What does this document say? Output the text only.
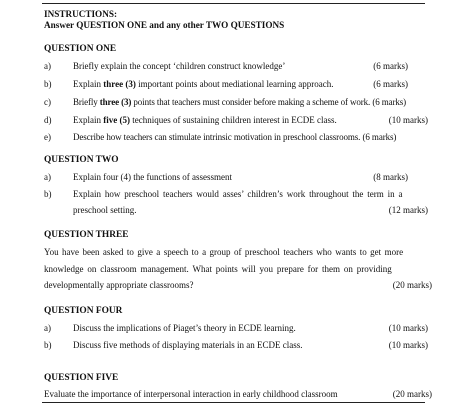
INSTRUCTIONS:
Answer QUESTION ONE and any other TWO QUESTIONS
QUESTION ONE
a) Briefly explain the concept ‘children construct knowledge’	(6 marks)
b) Explain three (3) important points about mediational learning approach.	(6 marks)
c) Briefly three (3) points that teachers must consider before making a scheme of work. (6 marks)
d) Explain five (5) techniques of sustaining children interest in ECDE class.	(10 marks)
e) Describe how teachers can stimulate intrinsic motivation in preschool classrooms. (6 marks)
QUESTION TWO
a) Explain four (4) the functions of assessment	(8 marks)
b) Explain how preschool teachers would asses’ children’s work throughout the term in a
preschool setting.	(12 marks)
QUESTION THREE
You have been asked to give a speech to a group of preschool teachers who wants to get more
knowledge on classroom management. What points will you prepare for them on providing
developmentally appropriate classrooms?	(20 marks)
QUESTION FOUR
a) Discuss the implications of Piaget’s theory in ECDE learning.	(10 marks)
b) Discuss five methods of displaying materials in an ECDE class.	(10 marks)
QUESTION FIVE
Evaluate the importance of interpersonal interaction in early childhood classroom	(20 marks)
